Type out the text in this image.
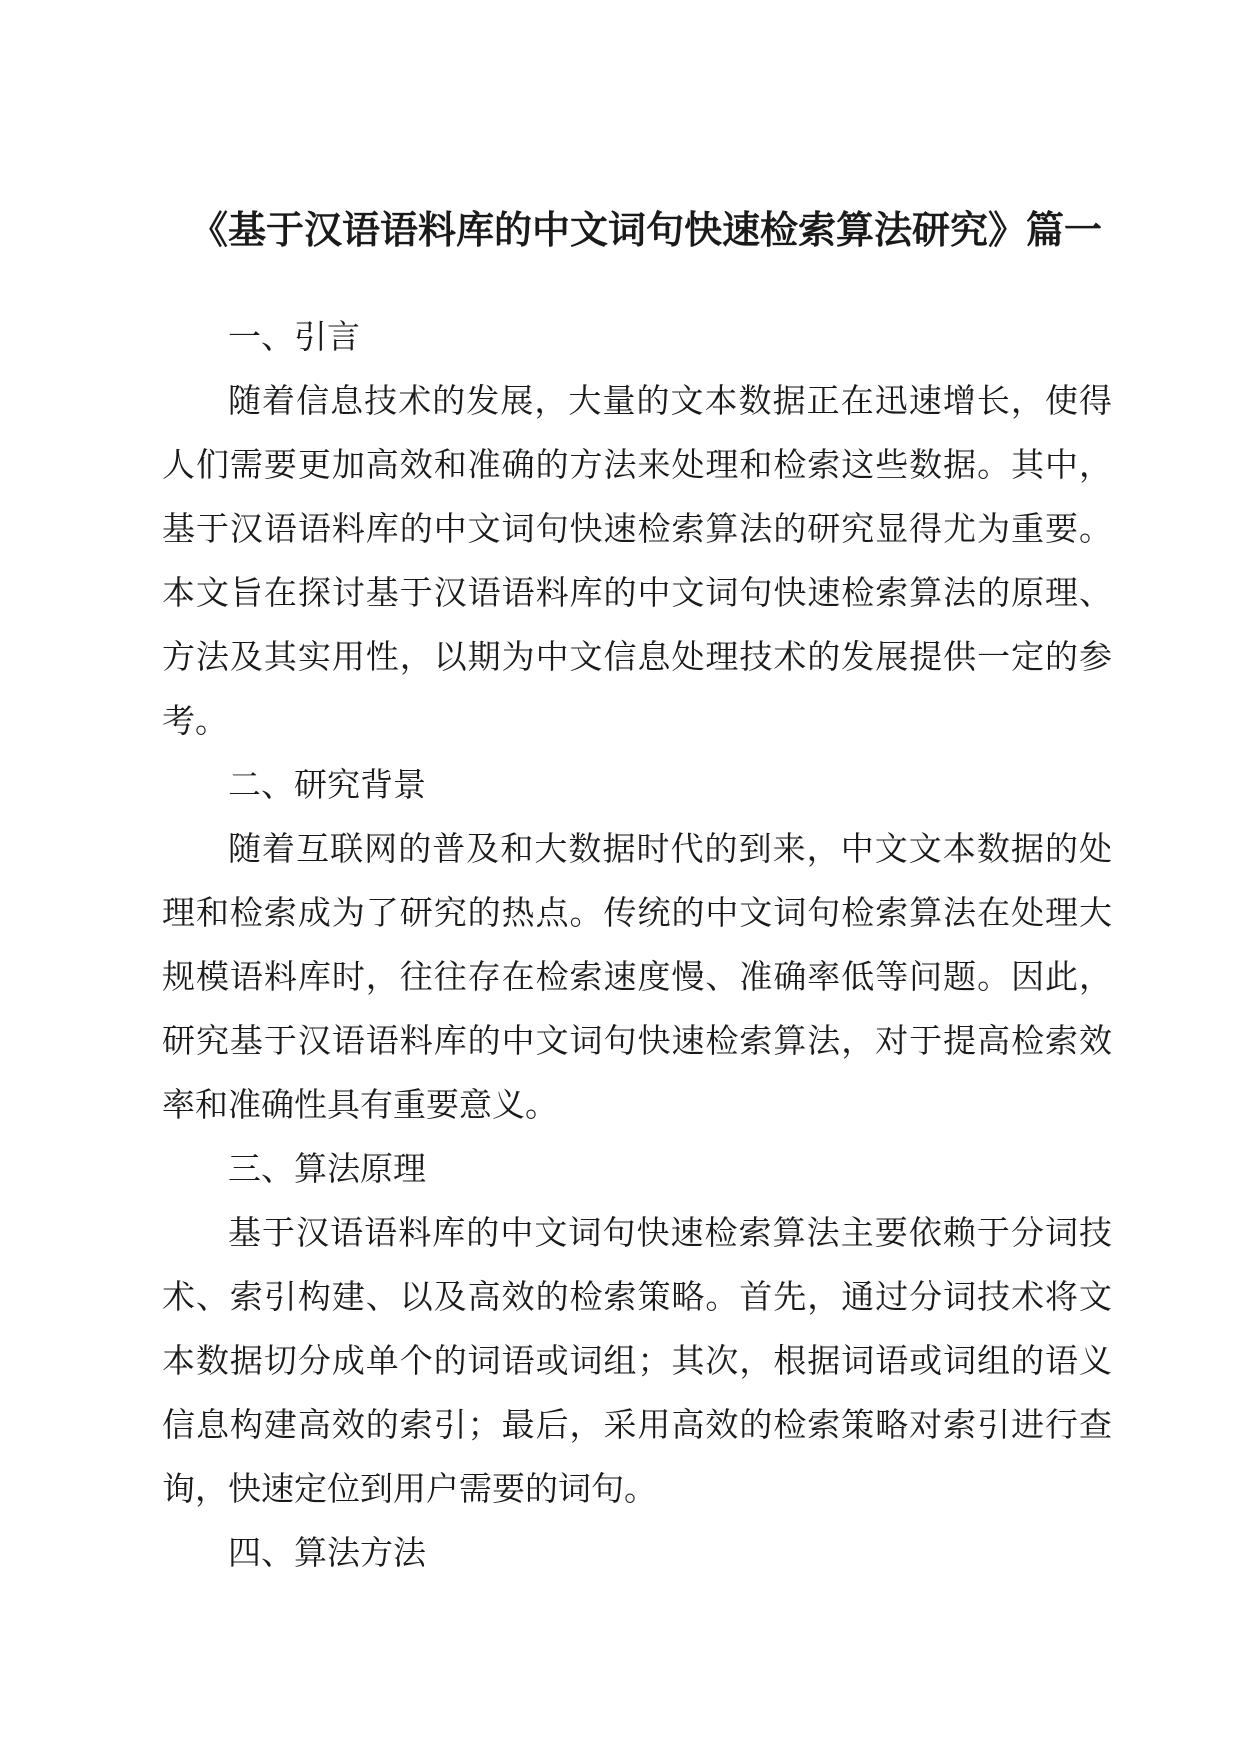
《基于汉语语料库的中文词句快速检索算法研究》篇一

一、引言

随着信息技术的发展，大量的文本数据正在迅速增长，使得人们需要更加高效和准确的方法来处理和检索这些数据。其中，基于汉语语料库的中文词句快速检索算法的研究显得尤为重要。本文旨在探讨基于汉语语料库的中文词句快速检索算法的原理、方法及其实用性，以期为中文信息处理技术的发展提供一定的参考。

二、研究背景

随着互联网的普及和大数据时代的到来，中文文本数据的处理和检索成为了研究的热点。传统的中文词句检索算法在处理大规模语料库时，往往存在检索速度慢、准确率低等问题。因此，研究基于汉语语料库的中文词句快速检索算法，对于提高检索效率和准确性具有重要意义。

三、算法原理

基于汉语语料库的中文词句快速检索算法主要依赖于分词技术、索引构建、以及高效的检索策略。首先，通过分词技术将文本数据切分成单个的词语或词组；其次，根据词语或词组的语义信息构建高效的索引；最后，采用高效的检索策略对索引进行查询，快速定位到用户需要的词句。

四、算法方法
